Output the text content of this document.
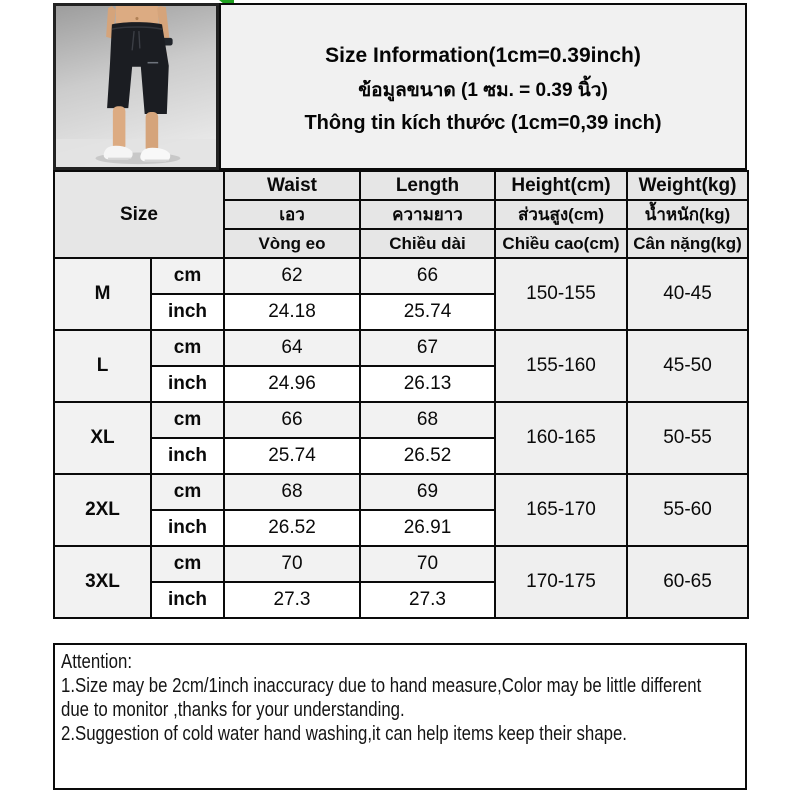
Size Information(1cm=0.39inch)
ข้อมูลขนาด (1 ซม. = 0.39 นิ้ว)
Thông tin kích thước (1cm=0,39 inch)
Size		Waist	Length	Height(cm)	Weight(kg)
		เอว	ความยาว	ส่วนสูง(cm)	น้ำหนัก(kg)
		Vòng eo	Chiều dài	Chiều cao(cm)	Cân nặng(kg)
M	cm	62	66	150-155	40-45
	inch	24.18	25.74		
L	cm	64	67	155-160	45-50
	inch	24.96	26.13		
XL	cm	66	68	160-165	50-55
	inch	25.74	26.52		
2XL	cm	68	69	165-170	55-60
	inch	26.52	26.91		
3XL	cm	70	70	170-175	60-65
	inch	27.3	27.3		
Attention:
1.Size may be 2cm/1inch inaccuracy due to hand measure,Color may be little different
due to monitor ,thanks for your understanding.
2.Suggestion of cold water hand washing,it can help items keep their shape.
